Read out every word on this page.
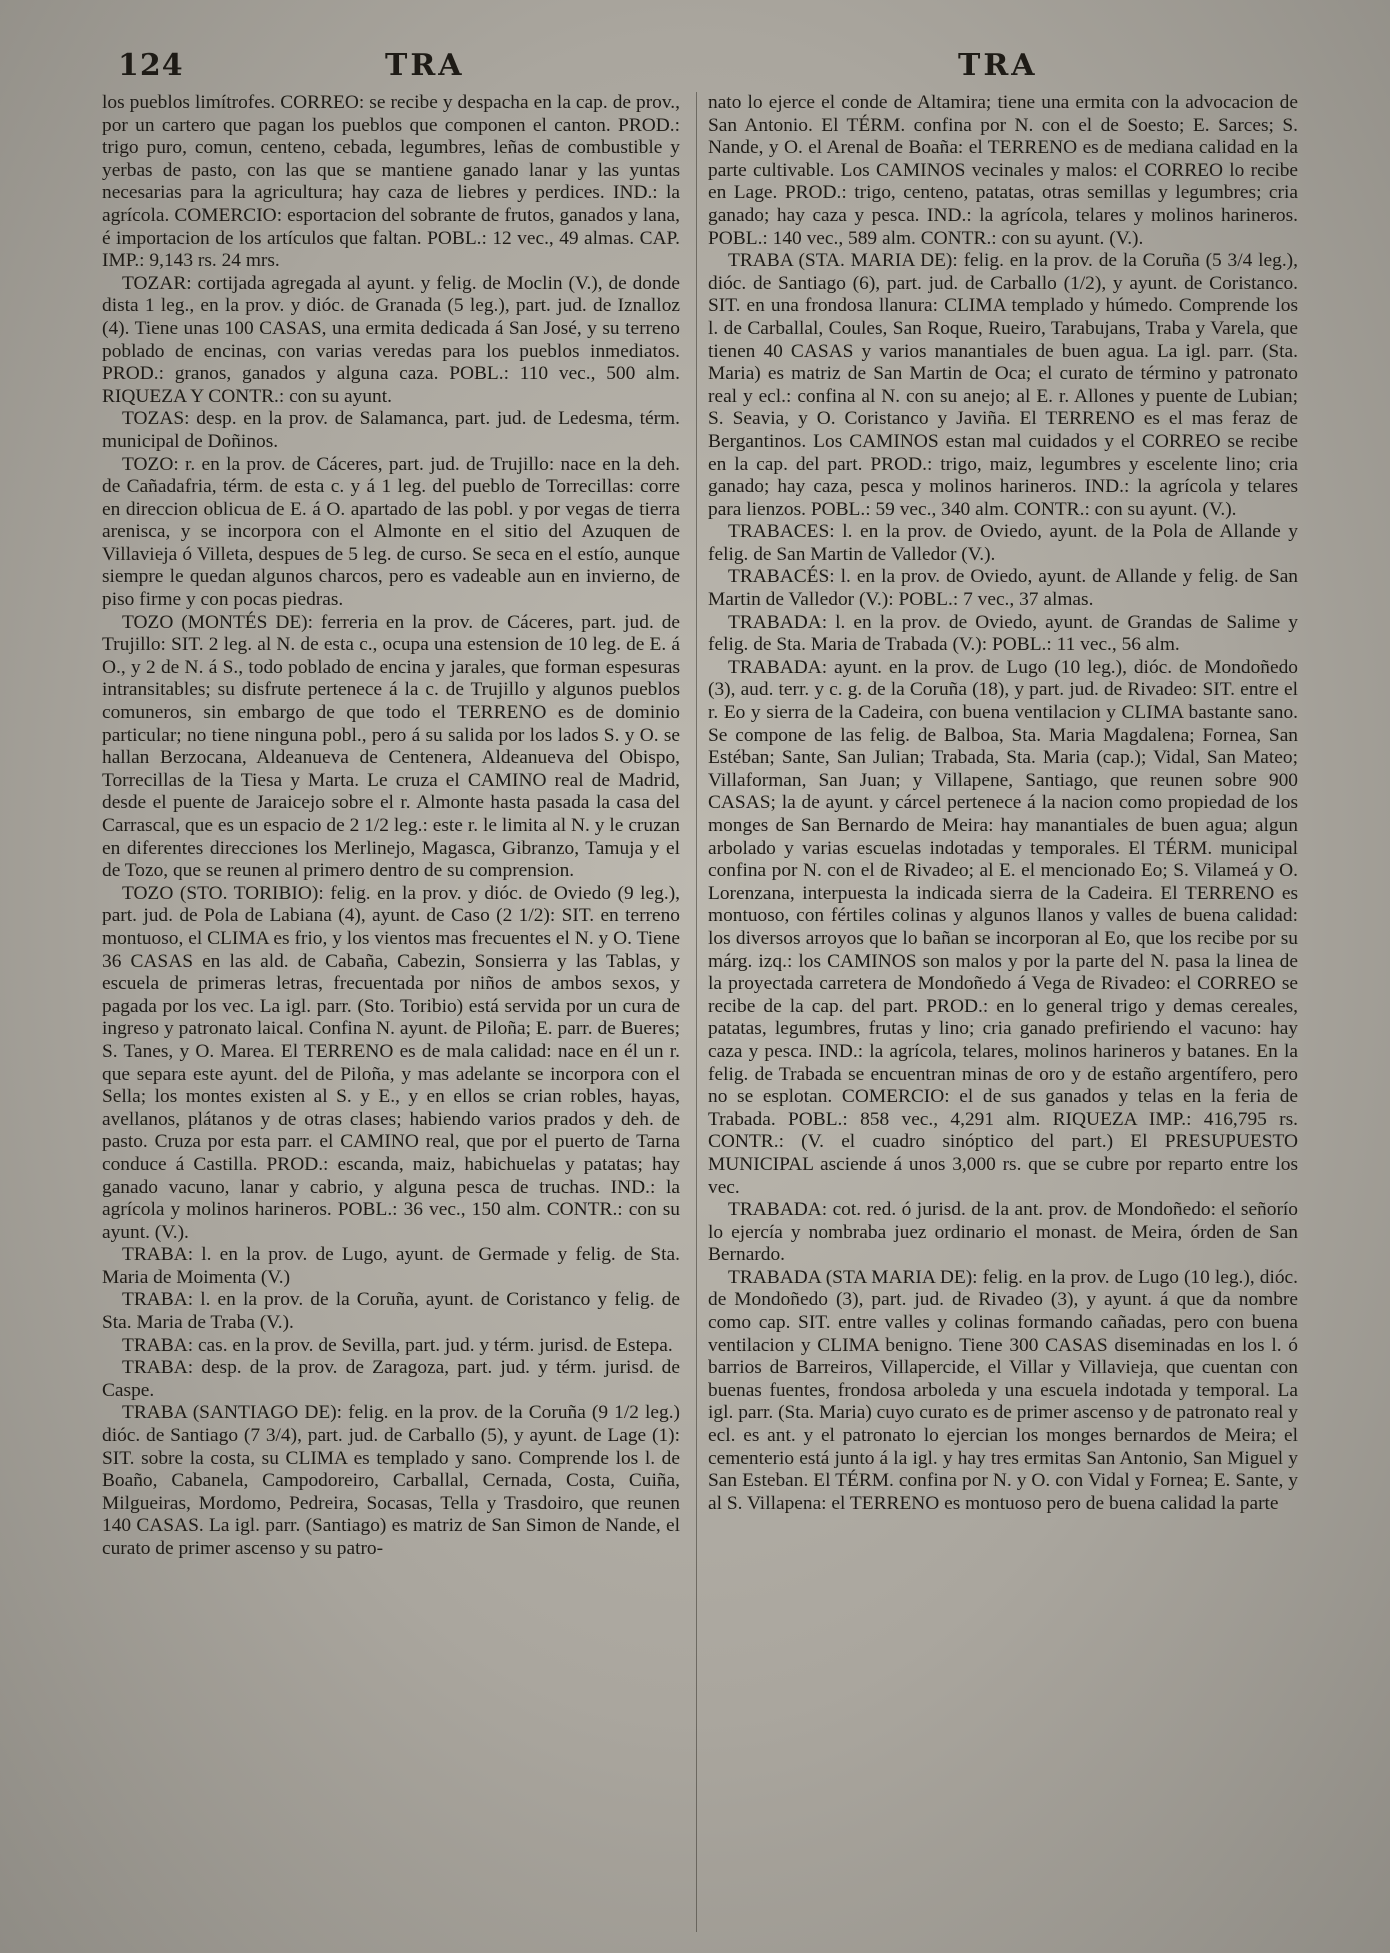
124	TRA	TRA

los pueblos limítrofes. CORREO: se recibe y despacha en la cap. de prov., por un cartero que pagan los pueblos que componen el canton. PROD.: trigo puro, comun, centeno, cebada, legumbres, leñas de combustible y yerbas de pasto, con las que se mantiene ganado lanar y las yuntas necesarias para la agricultura; hay caza de liebres y perdices. IND.: la agrícola. COMERCIO: esportacion del sobrante de frutos, ganados y lana, é importacion de los artículos que faltan. POBL.: 12 vec., 49 almas. CAP. IMP.: 9,143 rs. 24 mrs.

TOZAR: cortijada agregada al ayunt. y felig. de Moclin (V.), de donde dista 1 leg., en la prov. y dióc. de Granada (5 leg.), part. jud. de Iznalloz (4). Tiene unas 100 CASAS, una ermita dedicada á San José, y su terreno poblado de encinas, con varias veredas para los pueblos inmediatos. PROD.: granos, ganados y alguna caza. POBL.: 110 vec., 500 alm. RIQUEZA Y CONTR.: con su ayunt.

TOZAS: desp. en la prov. de Salamanca, part. jud. de Ledesma, térm. municipal de Doñinos.

TOZO: r. en la prov. de Cáceres, part. jud. de Trujillo: nace en la deh. de Cañadafria, térm. de esta c. y á 1 leg. del pueblo de Torrecillas: corre en direccion oblicua de E. á O. apartado de las pobl. y por vegas de tierra arenisca, y se incorpora con el Almonte en el sitio del Azuquen de Villavieja ó Villeta, despues de 5 leg. de curso. Se seca en el estío, aunque siempre le quedan algunos charcos, pero es vadeable aun en invierno, de piso firme y con pocas piedras.

TOZO (MONTÉS DE): ferreria en la prov. de Cáceres, part. jud. de Trujillo: SIT. 2 leg. al N. de esta c., ocupa una estension de 10 leg. de E. á O., y 2 de N. á S., todo poblado de encina y jarales, que forman espesuras intransitables; su disfrute pertenece á la c. de Trujillo y algunos pueblos comuneros, sin embargo de que todo el TERRENO es de dominio particular; no tiene ninguna pobl., pero á su salida por los lados S. y O. se hallan Berzocana, Aldeanueva de Centenera, Aldeanueva del Obispo, Torrecillas de la Tiesa y Marta. Le cruza el CAMINO real de Madrid, desde el puente de Jaraicejo sobre el r. Almonte hasta pasada la casa del Carrascal, que es un espacio de 2 1/2 leg.: este r. le limita al N. y le cruzan en diferentes direcciones los Merlinejo, Magasca, Gibranzo, Tamuja y el de Tozo, que se reunen al primero dentro de su comprension.

TOZO (STO. TORIBIO): felig. en la prov. y dióc. de Oviedo (9 leg.), part. jud. de Pola de Labiana (4), ayunt. de Caso (2 1/2): SIT. en terreno montuoso, el CLIMA es frio, y los vientos mas frecuentes el N. y O. Tiene 36 CASAS en las ald. de Cabaña, Cabezin, Sonsierra y las Tablas, y escuela de primeras letras, frecuentada por niños de ambos sexos, y pagada por los vec. La igl. parr. (Sto. Toribio) está servida por un cura de ingreso y patronato laical. Confina N. ayunt. de Piloña; E. parr. de Bueres; S. Tanes, y O. Marea. El TERRENO es de mala calidad: nace en él un r. que separa este ayunt. del de Piloña, y mas adelante se incorpora con el Sella; los montes existen al S. y E., y en ellos se crian robles, hayas, avellanos, plátanos y de otras clases; habiendo varios prados y deh. de pasto. Cruza por esta parr. el CAMINO real, que por el puerto de Tarna conduce á Castilla. PROD.: escanda, maiz, habichuelas y patatas; hay ganado vacuno, lanar y cabrio, y alguna pesca de truchas. IND.: la agrícola y molinos harineros. POBL.: 36 vec., 150 alm. CONTR.: con su ayunt. (V.).

TRABA: l. en la prov. de Lugo, ayunt. de Germade y felig. de Sta. Maria de Moimenta (V.)

TRABA: l. en la prov. de la Coruña, ayunt. de Coristanco y felig. de Sta. Maria de Traba (V.).

TRABA: cas. en la prov. de Sevilla, part. jud. y térm. jurisd. de Estepa.

TRABA: desp. de la prov. de Zaragoza, part. jud. y térm. jurisd. de Caspe.

TRABA (SANTIAGO DE): felig. en la prov. de la Coruña (9 1/2 leg.) dióc. de Santiago (7 3/4), part. jud. de Carballo (5), y ayunt. de Lage (1): SIT. sobre la costa, su CLIMA es templado y sano. Comprende los l. de Boaño, Cabanela, Campodoreiro, Carballal, Cernada, Costa, Cuiña, Milgueiras, Mordomo, Pedreira, Socasas, Tella y Trasdoiro, que reunen 140 CASAS. La igl. parr. (Santiago) es matriz de San Simon de Nande, el curato de primer ascenso y su patro-

nato lo ejerce el conde de Altamira; tiene una ermita con la advocacion de San Antonio. El TÉRM. confina por N. con el de Soesto; E. Sarces; S. Nande, y O. el Arenal de Boaña: el TERRENO es de mediana calidad en la parte cultivable. Los CAMINOS vecinales y malos: el CORREO lo recibe en Lage. PROD.: trigo, centeno, patatas, otras semillas y legumbres; cria ganado; hay caza y pesca. IND.: la agrícola, telares y molinos harineros. POBL.: 140 vec., 589 alm. CONTR.: con su ayunt. (V.).

TRABA (STA. MARIA DE): felig. en la prov. de la Coruña (5 3/4 leg.), dióc. de Santiago (6), part. jud. de Carballo (1/2), y ayunt. de Coristanco. SIT. en una frondosa llanura: CLIMA templado y húmedo. Comprende los l. de Carballal, Coules, San Roque, Rueiro, Tarabujans, Traba y Varela, que tienen 40 CASAS y varios manantiales de buen agua. La igl. parr. (Sta. Maria) es matriz de San Martin de Oca; el curato de término y patronato real y ecl.: confina al N. con su anejo; al E. r. Allones y puente de Lubian; S. Seavia, y O. Coristanco y Javiña. El TERRENO es el mas feraz de Bergantinos. Los CAMINOS estan mal cuidados y el CORREO se recibe en la cap. del part. PROD.: trigo, maiz, legumbres y escelente lino; cria ganado; hay caza, pesca y molinos harineros. IND.: la agrícola y telares para lienzos. POBL.: 59 vec., 340 alm. CONTR.: con su ayunt. (V.).

TRABACES: l. en la prov. de Oviedo, ayunt. de la Pola de Allande y felig. de San Martin de Valledor (V.).

TRABACÉS: l. en la prov. de Oviedo, ayunt. de Allande y felig. de San Martin de Valledor (V.): POBL.: 7 vec., 37 almas.

TRABADA: l. en la prov. de Oviedo, ayunt. de Grandas de Salime y felig. de Sta. Maria de Trabada (V.): POBL.: 11 vec., 56 alm.

TRABADA: ayunt. en la prov. de Lugo (10 leg.), dióc. de Mondoñedo (3), aud. terr. y c. g. de la Coruña (18), y part. jud. de Rivadeo: SIT. entre el r. Eo y sierra de la Cadeira, con buena ventilacion y CLIMA bastante sano. Se compone de las felig. de Balboa, Sta. Maria Magdalena; Fornea, San Estéban; Sante, San Julian; Trabada, Sta. Maria (cap.); Vidal, San Mateo; Villaforman, San Juan; y Villapene, Santiago, que reunen sobre 900 CASAS; la de ayunt. y cárcel pertenece á la nacion como propiedad de los monges de San Bernardo de Meira: hay manantiales de buen agua; algun arbolado y varias escuelas indotadas y temporales. El TÉRM. municipal confina por N. con el de Rivadeo; al E. el mencionado Eo; S. Vilameá y O. Lorenzana, interpuesta la indicada sierra de la Cadeira. El TERRENO es montuoso, con fértiles colinas y algunos llanos y valles de buena calidad: los diversos arroyos que lo bañan se incorporan al Eo, que los recibe por su márg. izq.: los CAMINOS son malos y por la parte del N. pasa la linea de la proyectada carretera de Mondoñedo á Vega de Rivadeo: el CORREO se recibe de la cap. del part. PROD.: en lo general trigo y demas cereales, patatas, legumbres, frutas y lino; cria ganado prefiriendo el vacuno: hay caza y pesca. IND.: la agrícola, telares, molinos harineros y batanes. En la felig. de Trabada se encuentran minas de oro y de estaño argentífero, pero no se esplotan. COMERCIO: el de sus ganados y telas en la feria de Trabada. POBL.: 858 vec., 4,291 alm. RIQUEZA IMP.: 416,795 rs. CONTR.: (V. el cuadro sinóptico del part.) El PRESUPUESTO MUNICIPAL asciende á unos 3,000 rs. que se cubre por reparto entre los vec.

TRABADA: cot. red. ó jurisd. de la ant. prov. de Mondoñedo: el señorío lo ejercía y nombraba juez ordinario el monast. de Meira, órden de San Bernardo.

TRABADA (STA MARIA DE): felig. en la prov. de Lugo (10 leg.), dióc. de Mondoñedo (3), part. jud. de Rivadeo (3), y ayunt. á que da nombre como cap. SIT. entre valles y colinas formando cañadas, pero con buena ventilacion y CLIMA benigno. Tiene 300 CASAS diseminadas en los l. ó barrios de Barreiros, Villapercide, el Villar y Villavieja, que cuentan con buenas fuentes, frondosa arboleda y una escuela indotada y temporal. La igl. parr. (Sta. Maria) cuyo curato es de primer ascenso y de patronato real y ecl. es ant. y el patronato lo ejercian los monges bernardos de Meira; el cementerio está junto á la igl. y hay tres ermitas San Antonio, San Miguel y San Esteban. El TÉRM. confina por N. y O. con Vidal y Fornea; E. Sante, y al S. Villapena: el TERRENO es montuoso pero de buena calidad la parte
